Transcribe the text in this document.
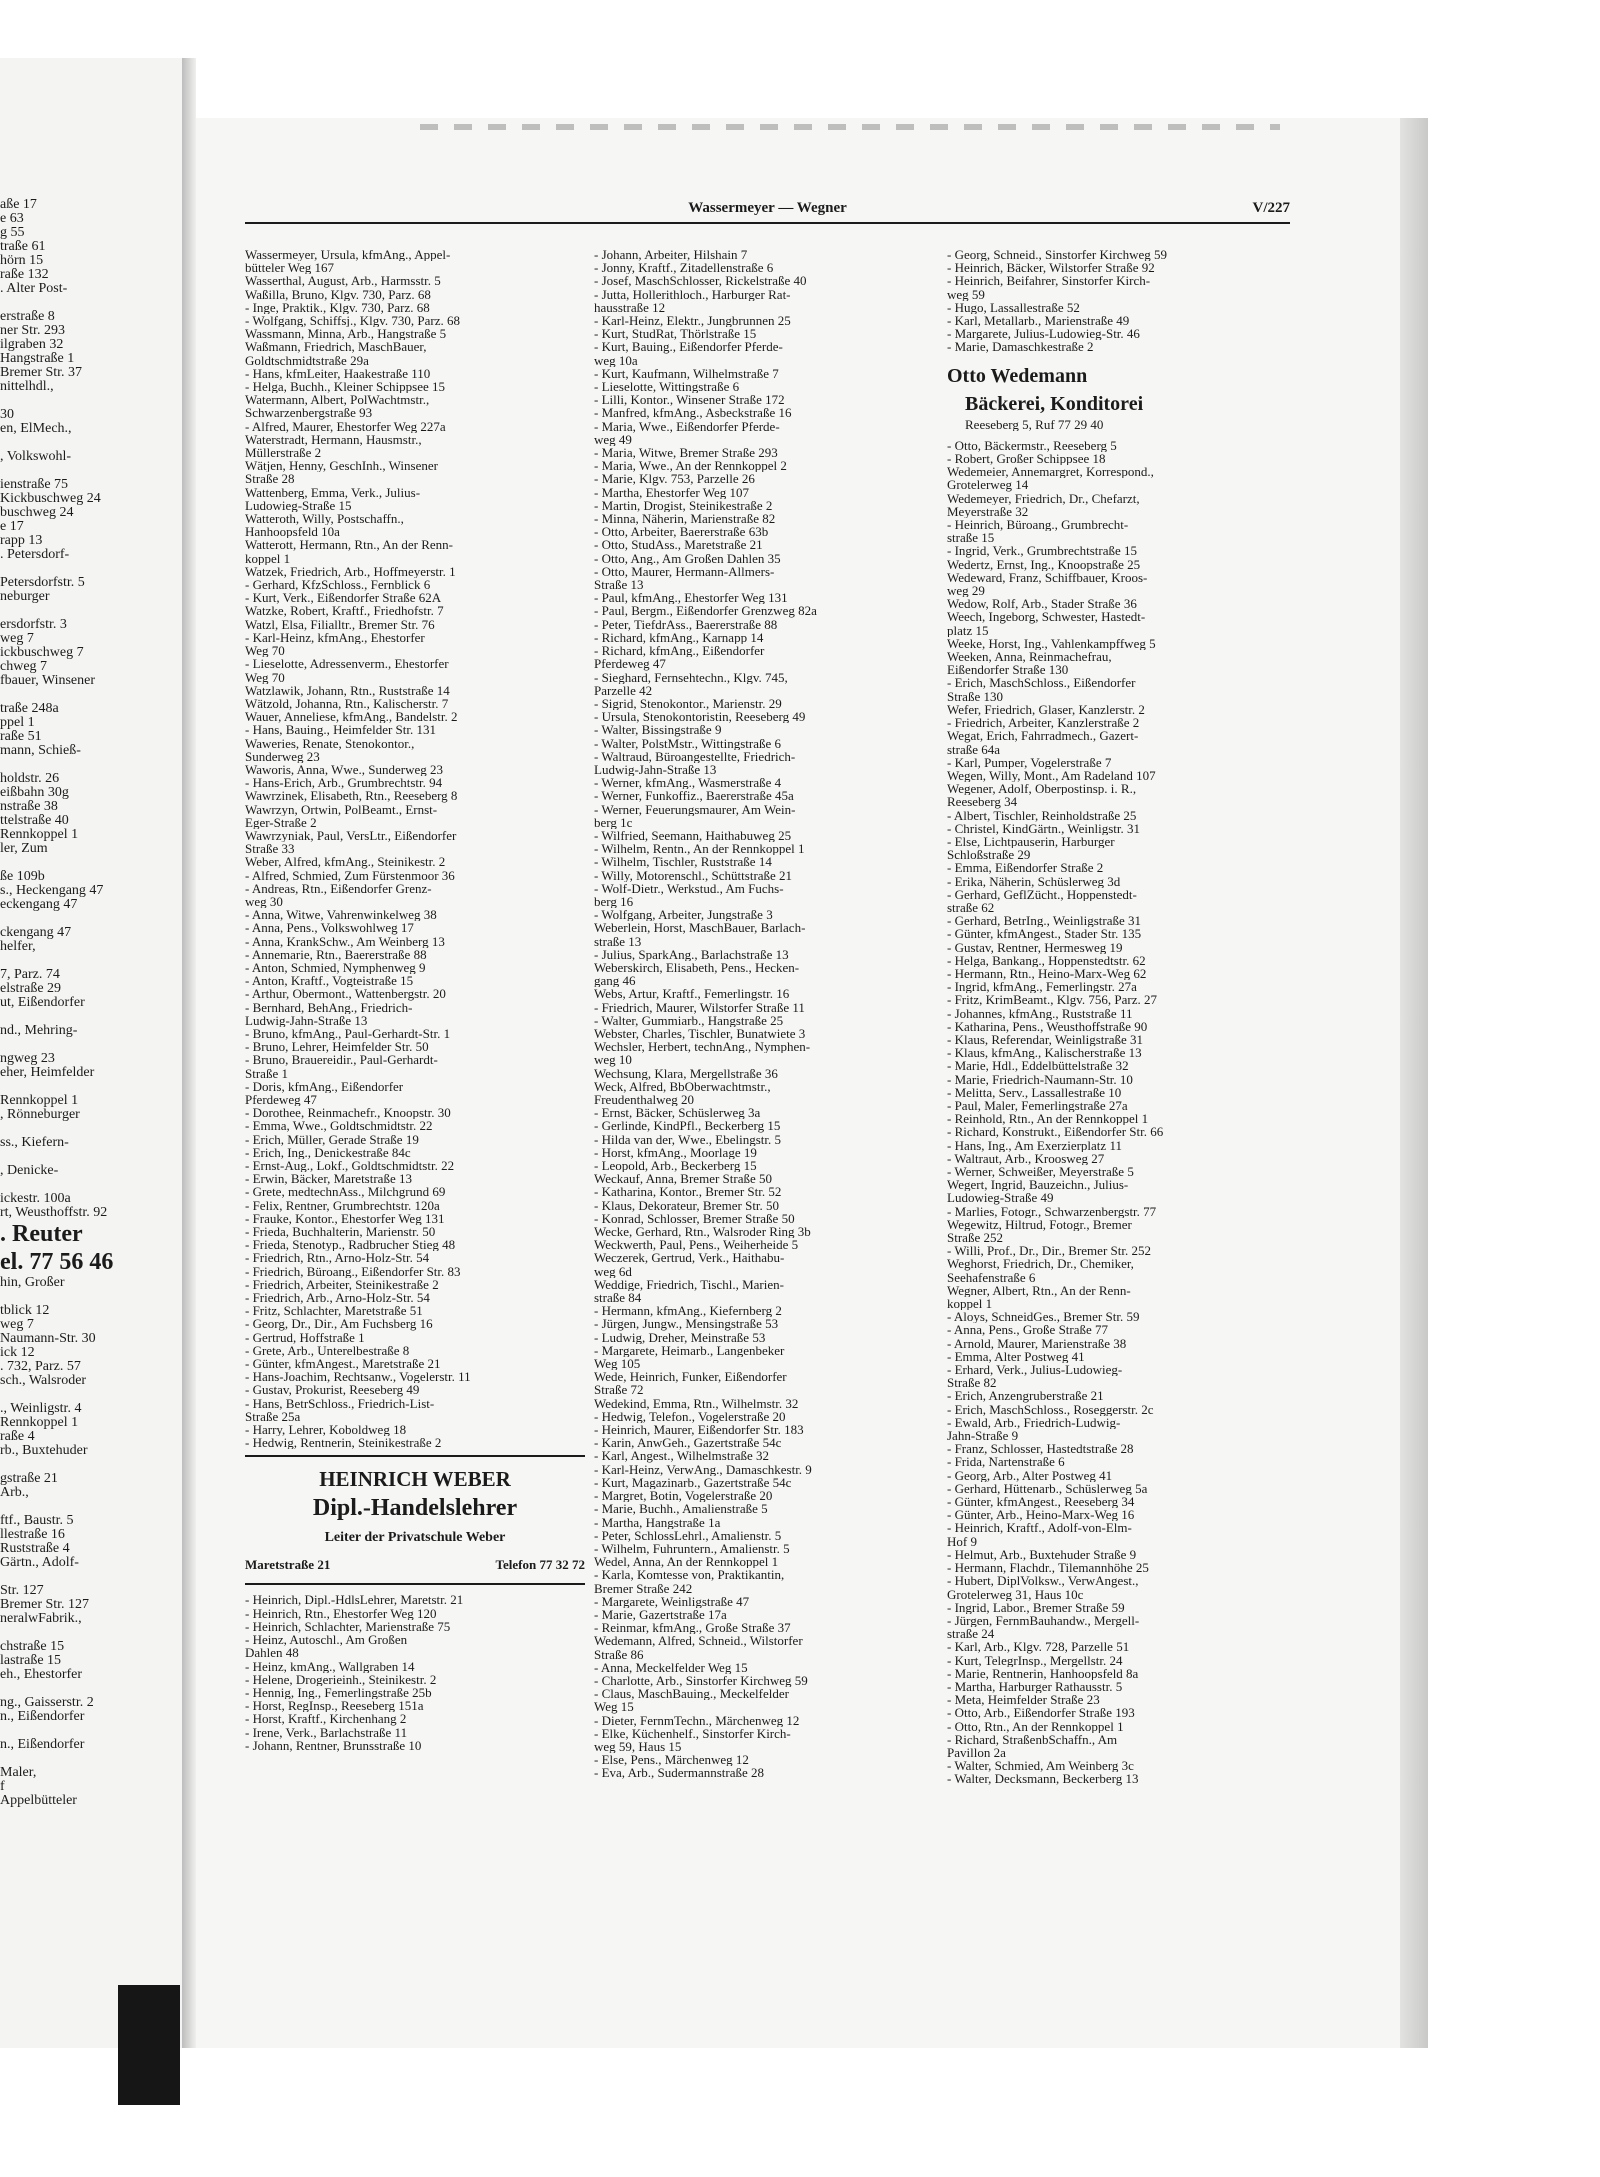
aße 17
e 63
g 55
traße 61
hörn 15
raße 132
. Alter Post-

erstraße 8
ner Str. 293
ilgraben 32
Hangstraße 1
Bremer Str. 37
nittelhdl.,

30
en, ElMech.,

, Volkswohl-

ienstraße 75
Kickbuschweg 24
buschweg 24
e 17
rapp 13
. Petersdorf-

Petersdorfstr. 5
neburger

ersdorfstr. 3
weg 7
ickbuschweg 7
chweg 7
fbauer, Winsener

traße 248a
ppel 1
raße 51
mann, Schieß-

holdstr. 26
eißbahn 30g
nstraße 38
ttelstraße 40
Rennkoppel 1
ler, Zum

ße 109b
s., Heckengang 47
eckengang 47

ckengang 47
helfer,

7, Parz. 74
elstraße 29
ut, Eißendorfer

nd., Mehring-

ngweg 23
eher, Heimfelder

Rennkoppel 1
, Rönneburger

ss., Kiefern-

, Denicke-

ickestr. 100a
rt, Weusthoffstr. 92
. Reuter
el. 77 56 46
hin, Großer

tblick 12
weg 7
Naumann-Str. 30
ick 12
. 732, Parz. 57
sch., Walsroder

., Weinligstr. 4
Rennkoppel 1
raße 4
rb., Buxtehuder

gstraße 21
Arb.,

ftf., Baustr. 5
llestraße 16
Ruststraße 4
Gärtn., Adolf-

Str. 127
Bremer Str. 127
neralwFabrik.,

chstraße 15
lastraße 15
eh., Ehestorfer

ng., Gaisserstr. 2
n., Eißendorfer

n., Eißendorfer

Maler,
f
Appelbütteler
Wassermeyer — Wegner	V/227
Wassermeyer, Ursula, kfmAng., Appel-
bütteler Weg 167
Wasserthal, August, Arb., Harmsstr. 5
Waßilla, Bruno, Klgv. 730, Parz. 68
- Inge, Praktik., Klgv. 730, Parz. 68
- Wolfgang, Schiffsj., Klgv. 730, Parz. 68
Wassmann, Minna, Arb., Hangstraße 5
Waßmann, Friedrich, MaschBauer,
Goldtschmidtstraße 29a
- Hans, kfmLeiter, Haakestraße 110
- Helga, Buchh., Kleiner Schippsee 15
Watermann, Albert, PolWachtmstr.,
Schwarzenbergstraße 93
- Alfred, Maurer, Ehestorfer Weg 227a
Waterstradt, Hermann, Hausmstr.,
Müllerstraße 2
Wätjen, Henny, GeschInh., Winsener
Straße 28
Wattenberg, Emma, Verk., Julius-
Ludowieg-Straße 15
Watteroth, Willy, Postschaffn.,
Hanhoopsfeld 10a
Watterott, Hermann, Rtn., An der Renn-
koppel 1
Watzek, Friedrich, Arb., Hoffmeyerstr. 1
- Gerhard, KfzSchloss., Fernblick 6
- Kurt, Verk., Eißendorfer Straße 62A
Watzke, Robert, Kraftf., Friedhofstr. 7
Watzl, Elsa, Filialltr., Bremer Str. 76
- Karl-Heinz, kfmAng., Ehestorfer
Weg 70
- Lieselotte, Adressenverm., Ehestorfer
Weg 70
Watzlawik, Johann, Rtn., Ruststraße 14
Wätzold, Johanna, Rtn., Kalischerstr. 7
Wauer, Anneliese, kfmAng., Bandelstr. 2
- Hans, Bauing., Heimfelder Str. 131
Waweries, Renate, Stenokontor.,
Sunderweg 23
Waworis, Anna, Wwe., Sunderweg 23
- Hans-Erich, Arb., Grumbrechtstr. 94
Wawrzinek, Elisabeth, Rtn., Reeseberg 8
Wawrzyn, Ortwin, PolBeamt., Ernst-
Eger-Straße 2
Wawrzyniak, Paul, VersLtr., Eißendorfer
Straße 33
Weber, Alfred, kfmAng., Steinikestr. 2
- Alfred, Schmied, Zum Fürstenmoor 36
- Andreas, Rtn., Eißendorfer Grenz-
weg 30
- Anna, Witwe, Vahrenwinkelweg 38
- Anna, Pens., Volkswohlweg 17
- Anna, KrankSchw., Am Weinberg 13
- Annemarie, Rtn., Baererstraße 88
- Anton, Schmied, Nymphenweg 9
- Anton, Kraftf., Vogteistraße 15
- Arthur, Obermont., Wattenbergstr. 20
- Bernhard, BehAng., Friedrich-
Ludwig-Jahn-Straße 13
- Bruno, kfmAng., Paul-Gerhardt-Str. 1
- Bruno, Lehrer, Heimfelder Str. 50
- Bruno, Brauereidir., Paul-Gerhardt-
Straße 1
- Doris, kfmAng., Eißendorfer
Pferdeweg 47
- Dorothee, Reinmachefr., Knoopstr. 30
- Emma, Wwe., Goldtschmidtstr. 22
- Erich, Müller, Gerade Straße 19
- Erich, Ing., Denickestraße 84c
- Ernst-Aug., Lokf., Goldtschmidtstr. 22
- Erwin, Bäcker, Maretstraße 13
- Grete, medtechnAss., Milchgrund 69
- Felix, Rentner, Grumbrechtstr. 120a
- Frauke, Kontor., Ehestorfer Weg 131
- Frieda, Buchhalterin, Marienstr. 50
- Frieda, Stenotyp., Radbrucher Stieg 48
- Friedrich, Rtn., Arno-Holz-Str. 54
- Friedrich, Büroang., Eißendorfer Str. 83
- Friedrich, Arbeiter, Steinikestraße 2
- Friedrich, Arb., Arno-Holz-Str. 54
- Fritz, Schlachter, Maretstraße 51
- Georg, Dr., Dir., Am Fuchsberg 16
- Gertrud, Hoffstraße 1
- Grete, Arb., Unterelbestraße 8
- Günter, kfmAngest., Maretstraße 21
- Hans-Joachim, Rechtsanw., Vogelerstr. 11
- Gustav, Prokurist, Reeseberg 49
- Hans, BetrSchloss., Friedrich-List-
Straße 25a
- Harry, Lehrer, Koboldweg 18
- Hedwig, Rentnerin, Steinikestraße 2
HEINRICH WEBER
Dipl.-Handelslehrer
Leiter der Privatschule Weber
Maretstraße 21	Telefon 77 32 72
- Heinrich, Dipl.-HdlsLehrer, Maretstr. 21
- Heinrich, Rtn., Ehestorfer Weg 120
- Heinrich, Schlachter, Marienstraße 75
- Heinz, Autoschl., Am Großen
Dahlen 48
- Heinz, kmAng., Wallgraben 14
- Helene, Drogerieinh., Steinikestr. 2
- Hennig, Ing., Femerlingstraße 25b
- Horst, RegInsp., Reeseberg 151a
- Horst, Kraftf., Kirchenhang 2
- Irene, Verk., Barlachstraße 11
- Johann, Rentner, Brunsstraße 10
- Johann, Arbeiter, Hilshain 7
- Jonny, Kraftf., Zitadellenstraße 6
- Josef, MaschSchlosser, Rickelstraße 40
- Jutta, Hollerithloch., Harburger Rat-
hausstraße 12
- Karl-Heinz, Elektr., Jungbrunnen 25
- Kurt, StudRat, Thörlstraße 15
- Kurt, Bauing., Eißendorfer Pferde-
weg 10a
- Kurt, Kaufmann, Wilhelmstraße 7
- Lieselotte, Wittingstraße 6
- Lilli, Kontor., Winsener Straße 172
- Manfred, kfmAng., Asbeckstraße 16
- Maria, Wwe., Eißendorfer Pferde-
weg 49
- Maria, Witwe, Bremer Straße 293
- Maria, Wwe., An der Rennkoppel 2
- Marie, Klgv. 753, Parzelle 26
- Martha, Ehestorfer Weg 107
- Martin, Drogist, Steinikestraße 2
- Minna, Näherin, Marienstraße 82
- Otto, Arbeiter, Baererstraße 63b
- Otto, StudAss., Maretstraße 21
- Otto, Ang., Am Großen Dahlen 35
- Otto, Maurer, Hermann-Allmers-
Straße 13
- Paul, kfmAng., Ehestorfer Weg 131
- Paul, Bergm., Eißendorfer Grenzweg 82a
- Peter, TiefdrAss., Baererstraße 88
- Richard, kfmAng., Karnapp 14
- Richard, kfmAng., Eißendorfer
Pferdeweg 47
- Sieghard, Fernsehtechn., Klgv. 745,
Parzelle 42
- Sigrid, Stenokontor., Marienstr. 29
- Ursula, Stenokontoristin, Reeseberg 49
- Walter, Bissingstraße 9
- Walter, PolstMstr., Wittingstraße 6
- Waltraud, Büroangestellte, Friedrich-
Ludwig-Jahn-Straße 13
- Werner, kfmAng., Wasmerstraße 4
- Werner, Funkoffiz., Baererstraße 45a
- Werner, Feuerungsmaurer, Am Wein-
berg 1c
- Wilfried, Seemann, Haithabuweg 25
- Wilhelm, Rentn., An der Rennkoppel 1
- Wilhelm, Tischler, Ruststraße 14
- Willy, Motorenschl., Schüttstraße 21
- Wolf-Dietr., Werkstud., Am Fuchs-
berg 16
- Wolfgang, Arbeiter, Jungstraße 3
Weberlein, Horst, MaschBauer, Barlach-
straße 13
- Julius, SparkAng., Barlachstraße 13
Weberskirch, Elisabeth, Pens., Hecken-
gang 46
Webs, Artur, Kraftf., Femerlingstr. 16
- Friedrich, Maurer, Wilstorfer Straße 11
- Walter, Gummiarb., Hangstraße 25
Webster, Charles, Tischler, Bunatwiete 3
Wechsler, Herbert, technAng., Nymphen-
weg 10
Wechsung, Klara, Mergellstraße 36
Weck, Alfred, BbOberwachtmstr.,
Freudenthalweg 20
- Ernst, Bäcker, Schüslerweg 3a
- Gerlinde, KindPfl., Beckerberg 15
- Hilda van der, Wwe., Ebelingstr. 5
- Horst, kfmAng., Moorlage 19
- Leopold, Arb., Beckerberg 15
Weckauf, Anna, Bremer Straße 50
- Katharina, Kontor., Bremer Str. 52
- Klaus, Dekorateur, Bremer Str. 50
- Konrad, Schlosser, Bremer Straße 50
Wecke, Gerhard, Rtn., Walsroder Ring 3b
Weckwerth, Paul, Pens., Weiherheide 5
Weczerek, Gertrud, Verk., Haithabu-
weg 6d
Weddige, Friedrich, Tischl., Marien-
straße 84
- Hermann, kfmAng., Kiefernberg 2
- Jürgen, Jungw., Mensingstraße 53
- Ludwig, Dreher, Meinstraße 53
- Margarete, Heimarb., Langenbeker
Weg 105
Wede, Heinrich, Funker, Eißendorfer
Straße 72
Wedekind, Emma, Rtn., Wilhelmstr. 32
- Hedwig, Telefon., Vogelerstraße 20
- Heinrich, Maurer, Eißendorfer Str. 183
- Karin, AnwGeh., Gazertstraße 54c
- Karl, Angest., Wilhelmstraße 32
- Karl-Heinz, VerwAng., Damaschkestr. 9
- Kurt, Magazinarb., Gazertstraße 54c
- Margret, Botin, Vogelerstraße 20
- Marie, Buchh., Amalienstraße 5
- Martha, Hangstraße 1a
- Peter, SchlossLehrl., Amalienstr. 5
- Wilhelm, Fuhruntern., Amalienstr. 5
Wedel, Anna, An der Rennkoppel 1
- Karla, Komtesse von, Praktikantin,
Bremer Straße 242
- Margarete, Weinligstraße 47
- Marie, Gazertstraße 17a
- Reinmar, kfmAng., Große Straße 37
Wedemann, Alfred, Schneid., Wilstorfer
Straße 86
- Anna, Meckelfelder Weg 15
- Charlotte, Arb., Sinstorfer Kirchweg 59
- Claus, MaschBauing., Meckelfelder
Weg 15
- Dieter, FernmTechn., Märchenweg 12
- Elke, Küchenhelf., Sinstorfer Kirch-
weg 59, Haus 15
- Else, Pens., Märchenweg 12
- Eva, Arb., Sudermannstraße 28
- Georg, Schneid., Sinstorfer Kirchweg 59
- Heinrich, Bäcker, Wilstorfer Straße 92
- Heinrich, Beifahrer, Sinstorfer Kirch-
weg 59
- Hugo, Lassallestraße 52
- Karl, Metallarb., Marienstraße 49
- Margarete, Julius-Ludowieg-Str. 46
- Marie, Damaschkestraße 2
Otto Wedemann
Bäckerei, Konditorei
Reeseberg 5, Ruf 77 29 40
- Otto, Bäckermstr., Reeseberg 5
- Robert, Großer Schippsee 18
Wedemeier, Annemargret, Korrespond.,
Grotelerweg 14
Wedemeyer, Friedrich, Dr., Chefarzt,
Meyerstraße 32
- Heinrich, Büroang., Grumbrecht-
straße 15
- Ingrid, Verk., Grumbrechtstraße 15
Wedertz, Ernst, Ing., Knoopstraße 25
Wedeward, Franz, Schiffbauer, Kroos-
weg 29
Wedow, Rolf, Arb., Stader Straße 36
Weech, Ingeborg, Schwester, Hastedt-
platz 15
Weeke, Horst, Ing., Vahlenkampffweg 5
Weeken, Anna, Reinmachefrau,
Eißendorfer Straße 130
- Erich, MaschSchloss., Eißendorfer
Straße 130
Wefer, Friedrich, Glaser, Kanzlerstr. 2
- Friedrich, Arbeiter, Kanzlerstraße 2
Wegat, Erich, Fahrradmech., Gazert-
straße 64a
- Karl, Pumper, Vogelerstraße 7
Wegen, Willy, Mont., Am Radeland 107
Wegener, Adolf, Oberpostinsp. i. R.,
Reeseberg 34
- Albert, Tischler, Reinholdstraße 25
- Christel, KindGärtn., Weinligstr. 31
- Else, Lichtpauserin, Harburger
Schloßstraße 29
- Emma, Eißendorfer Straße 2
- Erika, Näherin, Schüslerweg 3d
- Gerhard, GeflZücht., Hoppenstedt-
straße 62
- Gerhard, BetrIng., Weinligstraße 31
- Günter, kfmAngest., Stader Str. 135
- Gustav, Rentner, Hermesweg 19
- Helga, Bankang., Hoppenstedtstr. 62
- Hermann, Rtn., Heino-Marx-Weg 62
- Ingrid, kfmAng., Femerlingstr. 27a
- Fritz, KrimBeamt., Klgv. 756, Parz. 27
- Johannes, kfmAng., Ruststraße 11
- Katharina, Pens., Weusthoffstraße 90
- Klaus, Referendar, Weinligstraße 31
- Klaus, kfmAng., Kalischerstraße 13
- Marie, Hdl., Eddelbüttelstraße 32
- Marie, Friedrich-Naumann-Str. 10
- Melitta, Serv., Lassallestraße 10
- Paul, Maler, Femerlingstraße 27a
- Reinhold, Rtn., An der Rennkoppel 1
- Richard, Konstrukt., Eißendorfer Str. 66
- Hans, Ing., Am Exerzierplatz 11
- Waltraut, Arb., Kroosweg 27
- Werner, Schweißer, Meyerstraße 5
Wegert, Ingrid, Bauzeichn., Julius-
Ludowieg-Straße 49
- Marlies, Fotogr., Schwarzenbergstr. 77
Wegewitz, Hiltrud, Fotogr., Bremer
Straße 252
- Willi, Prof., Dr., Dir., Bremer Str. 252
Weghorst, Friedrich, Dr., Chemiker,
Seehafenstraße 6
Wegner, Albert, Rtn., An der Renn-
koppel 1
- Aloys, SchneidGes., Bremer Str. 59
- Anna, Pens., Große Straße 77
- Arnold, Maurer, Marienstraße 38
- Emma, Alter Postweg 41
- Erhard, Verk., Julius-Ludowieg-
Straße 82
- Erich, Anzengruberstraße 21
- Erich, MaschSchloss., Roseggerstr. 2c
- Ewald, Arb., Friedrich-Ludwig-
Jahn-Straße 9
- Franz, Schlosser, Hastedtstraße 28
- Frida, Nartenstraße 6
- Georg, Arb., Alter Postweg 41
- Gerhard, Hüttenarb., Schüslerweg 5a
- Günter, kfmAngest., Reeseberg 34
- Günter, Arb., Heino-Marx-Weg 16
- Heinrich, Kraftf., Adolf-von-Elm-
Hof 9
- Helmut, Arb., Buxtehuder Straße 9
- Hermann, Flachdr., Tilemannhöhe 25
- Hubert, DiplVolksw., VerwAngest.,
Grotelerweg 31, Haus 10c
- Ingrid, Labor., Bremer Straße 59
- Jürgen, FernmBauhandw., Mergell-
straße 24
- Karl, Arb., Klgv. 728, Parzelle 51
- Kurt, TelegrInsp., Mergellstr. 24
- Marie, Rentnerin, Hanhoopsfeld 8a
- Martha, Harburger Rathausstr. 5
- Meta, Heimfelder Straße 23
- Otto, Arb., Eißendorfer Straße 193
- Otto, Rtn., An der Rennkoppel 1
- Richard, StraßenbSchaffn., Am
Pavillon 2a
- Walter, Schmied, Am Weinberg 3c
- Walter, Decksmann, Beckerberg 13
